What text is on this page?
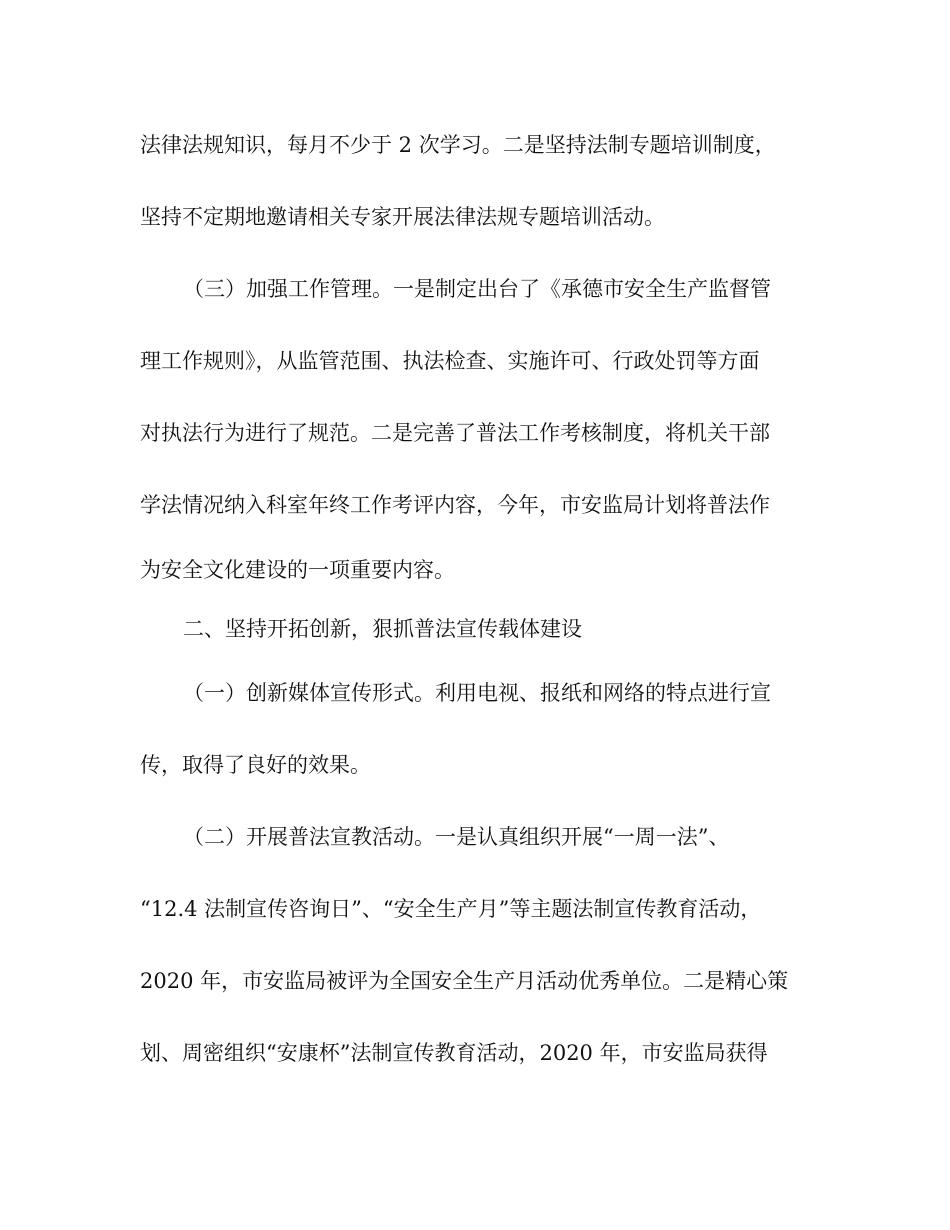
法律法规知识，每月不少于 2 次学习。二是坚持法制专题培训制度，
坚持不定期地邀请相关专家开展法律法规专题培训活动。
（三）加强工作管理。一是制定出台了《承德市安全生产监督管
理工作规则》，从监管范围、执法检查、实施许可、行政处罚等方面
对执法行为进行了规范。二是完善了普法工作考核制度，将机关干部
学法情况纳入科室年终工作考评内容，今年，市安监局计划将普法作
为安全文化建设的一项重要内容。
二、坚持开拓创新，狠抓普法宣传载体建设
（一）创新媒体宣传形式。利用电视、报纸和网络的特点进行宣
传，取得了良好的效果。
（二）开展普法宣教活动。一是认真组织开展“一周一法”、
“12.4 法制宣传咨询日”、“安全生产月”等主题法制宣传教育活动，
2020 年，市安监局被评为全国安全生产月活动优秀单位。二是精心策
划、周密组织“安康杯”法制宣传教育活动，2020 年，市安监局获得
